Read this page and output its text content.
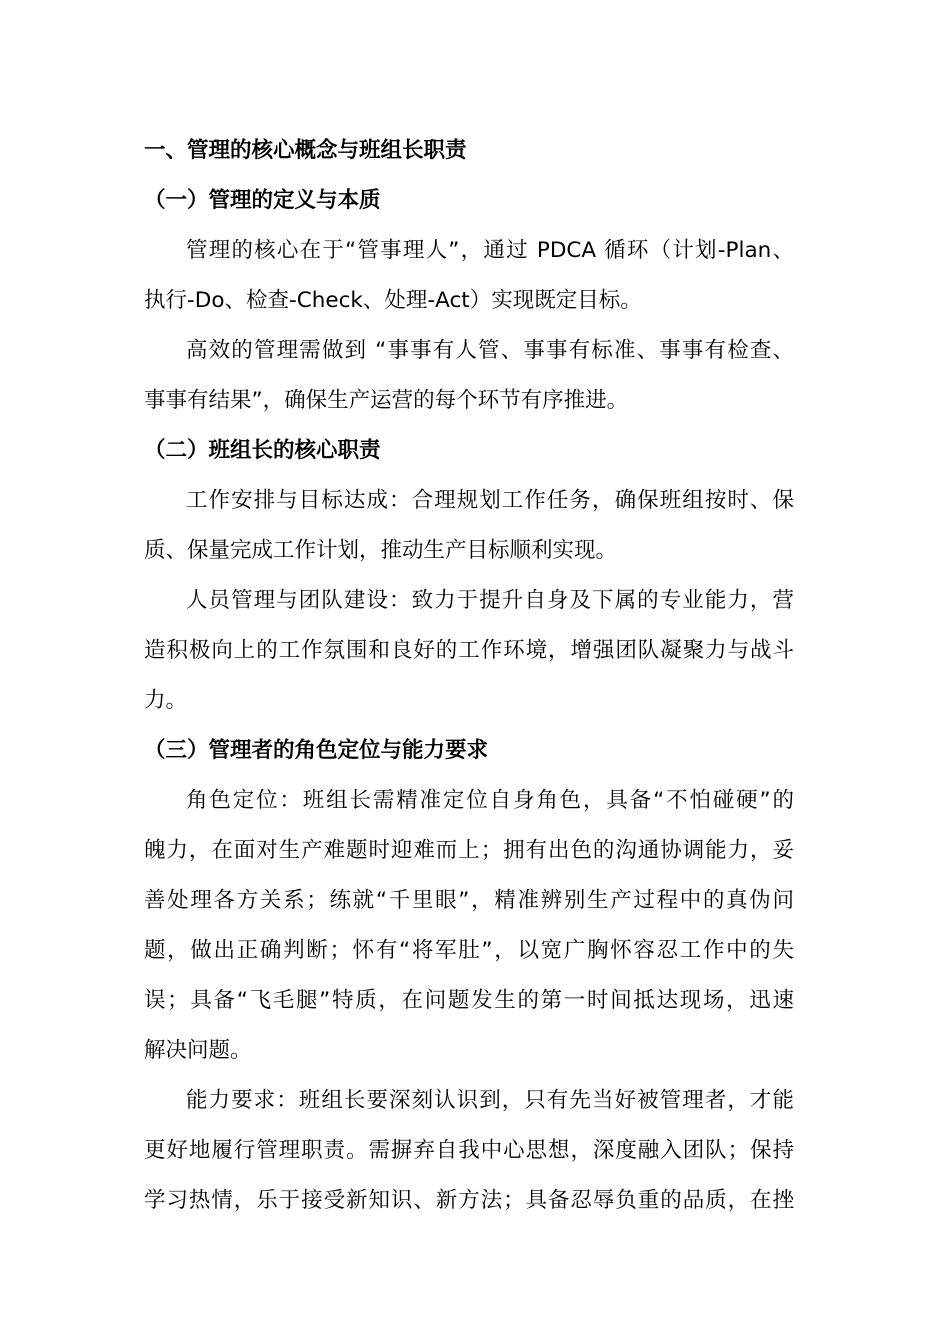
一、管理的核心概念与班组长职责
（一）管理的定义与本质
管理的核心在于“管事理人”，通过 PDCA 循环（计划-Plan、
执行-Do、检查-Check、处理-Act）实现既定目标。
高效的管理需做到 “事事有人管、事事有标准、事事有检查、
事事有结果”，确保生产运营的每个环节有序推进。
（二）班组长的核心职责
工作安排与目标达成：合理规划工作任务，确保班组按时、保
质、保量完成工作计划，推动生产目标顺利实现。
人员管理与团队建设：致力于提升自身及下属的专业能力，营
造积极向上的工作氛围和良好的工作环境，增强团队凝聚力与战斗
力。
（三）管理者的角色定位与能力要求
角色定位：班组长需精准定位自身角色，具备“不怕碰硬”的
魄力，在面对生产难题时迎难而上；拥有出色的沟通协调能力，妥
善处理各方关系；练就“千里眼”，精准辨别生产过程中的真伪问
题，做出正确判断；怀有“将军肚”，以宽广胸怀容忍工作中的失
误；具备“飞毛腿”特质，在问题发生的第一时间抵达现场，迅速
解决问题。
能力要求：班组长要深刻认识到，只有先当好被管理者，才能
更好地履行管理职责。需摒弃自我中心思想，深度融入团队；保持
学习热情，乐于接受新知识、新方法；具备忍辱负重的品质，在挫
